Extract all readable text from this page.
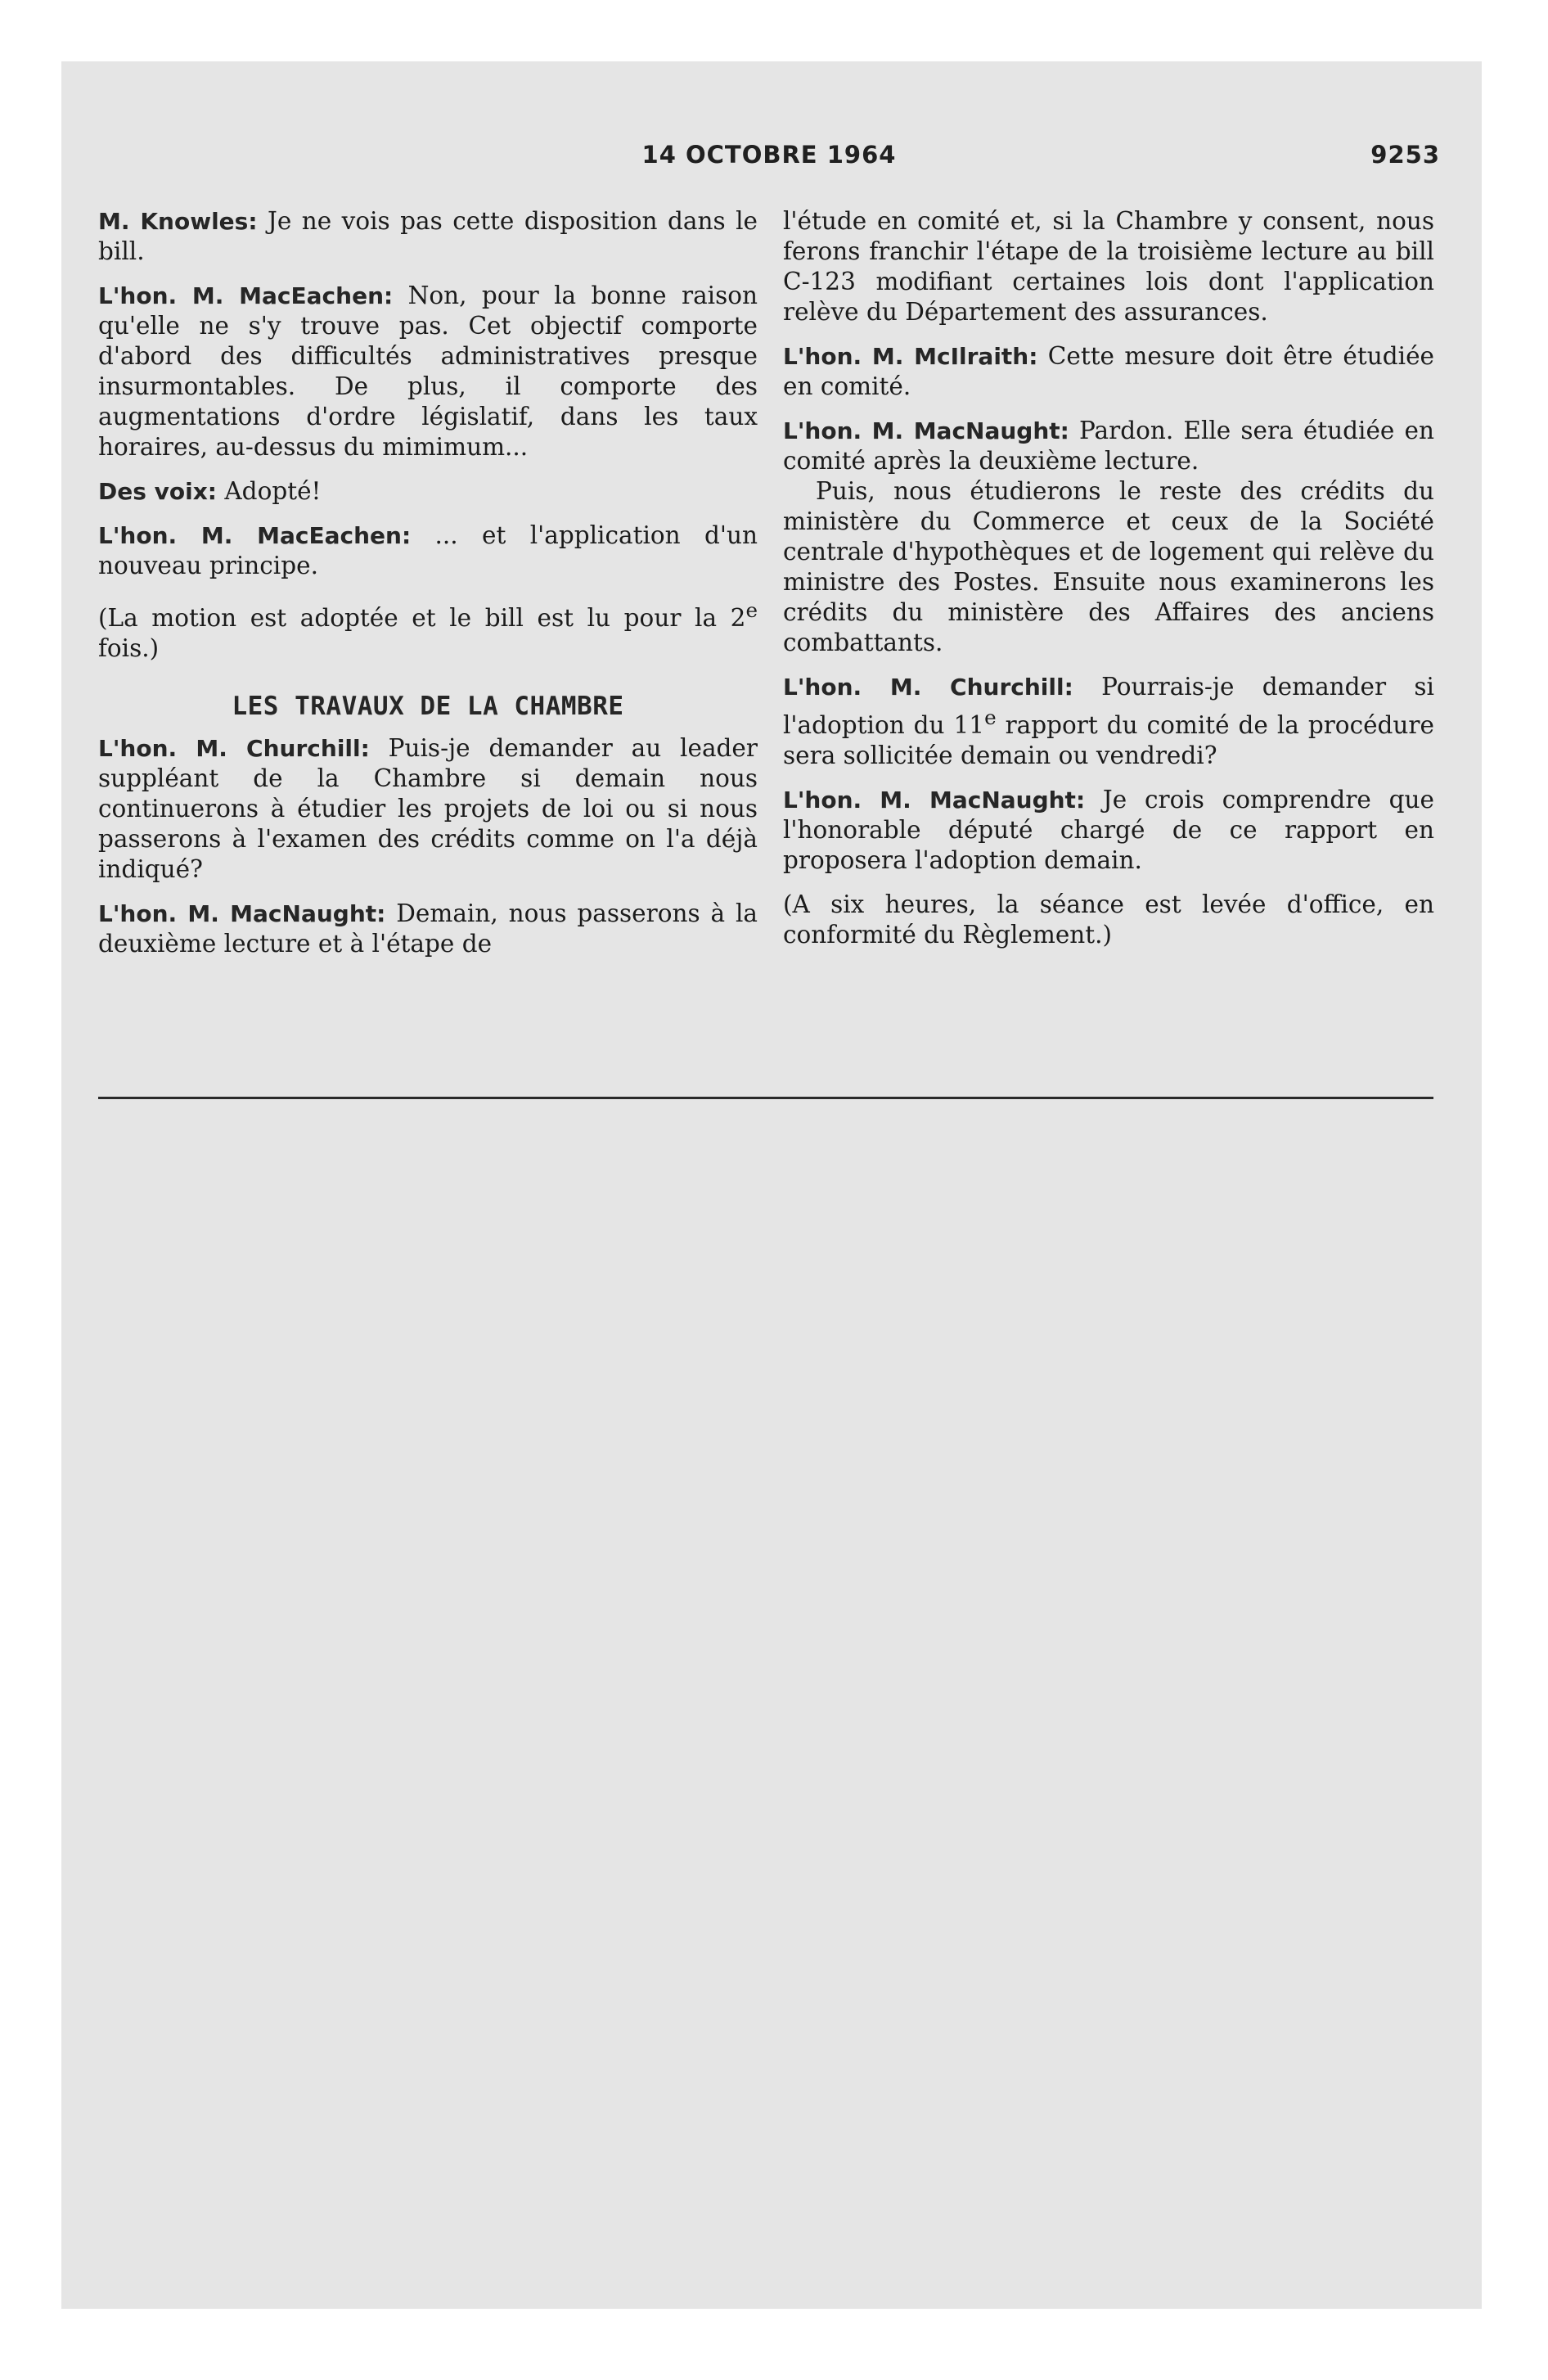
14 OCTOBRE 1964	9253

M. Knowles: Je ne vois pas cette disposition dans le bill.

L'hon. M. MacEachen: Non, pour la bonne raison qu'elle ne s'y trouve pas. Cet objectif comporte d'abord des difficultés administratives presque insurmontables. De plus, il comporte des augmentations d'ordre législatif, dans les taux horaires, au-dessus du mimimum...

Des voix: Adopté!

L'hon. M. MacEachen: ... et l'application d'un nouveau principe.

(La motion est adoptée et le bill est lu pour la 2e fois.)

LES TRAVAUX DE LA CHAMBRE

L'hon. M. Churchill: Puis-je demander au leader suppléant de la Chambre si demain nous continuerons à étudier les projets de loi ou si nous passerons à l'examen des crédits comme on l'a déjà indiqué?

L'hon. M. MacNaught: Demain, nous passerons à la deuxième lecture et à l'étape de

l'étude en comité et, si la Chambre y consent, nous ferons franchir l'étape de la troisième lecture au bill C-123 modifiant certaines lois dont l'application relève du Département des assurances.

L'hon. M. McIlraith: Cette mesure doit être étudiée en comité.

L'hon. M. MacNaught: Pardon. Elle sera étudiée en comité après la deuxième lecture.

Puis, nous étudierons le reste des crédits du ministère du Commerce et ceux de la Société centrale d'hypothèques et de logement qui relève du ministre des Postes. Ensuite nous examinerons les crédits du ministère des Affaires des anciens combattants.

L'hon. M. Churchill: Pourrais-je demander si l'adoption du 11e rapport du comité de la procédure sera sollicitée demain ou vendredi?

L'hon. M. MacNaught: Je crois comprendre que l'honorable député chargé de ce rapport en proposera l'adoption demain.

(A six heures, la séance est levée d'office, en conformité du Règlement.)
